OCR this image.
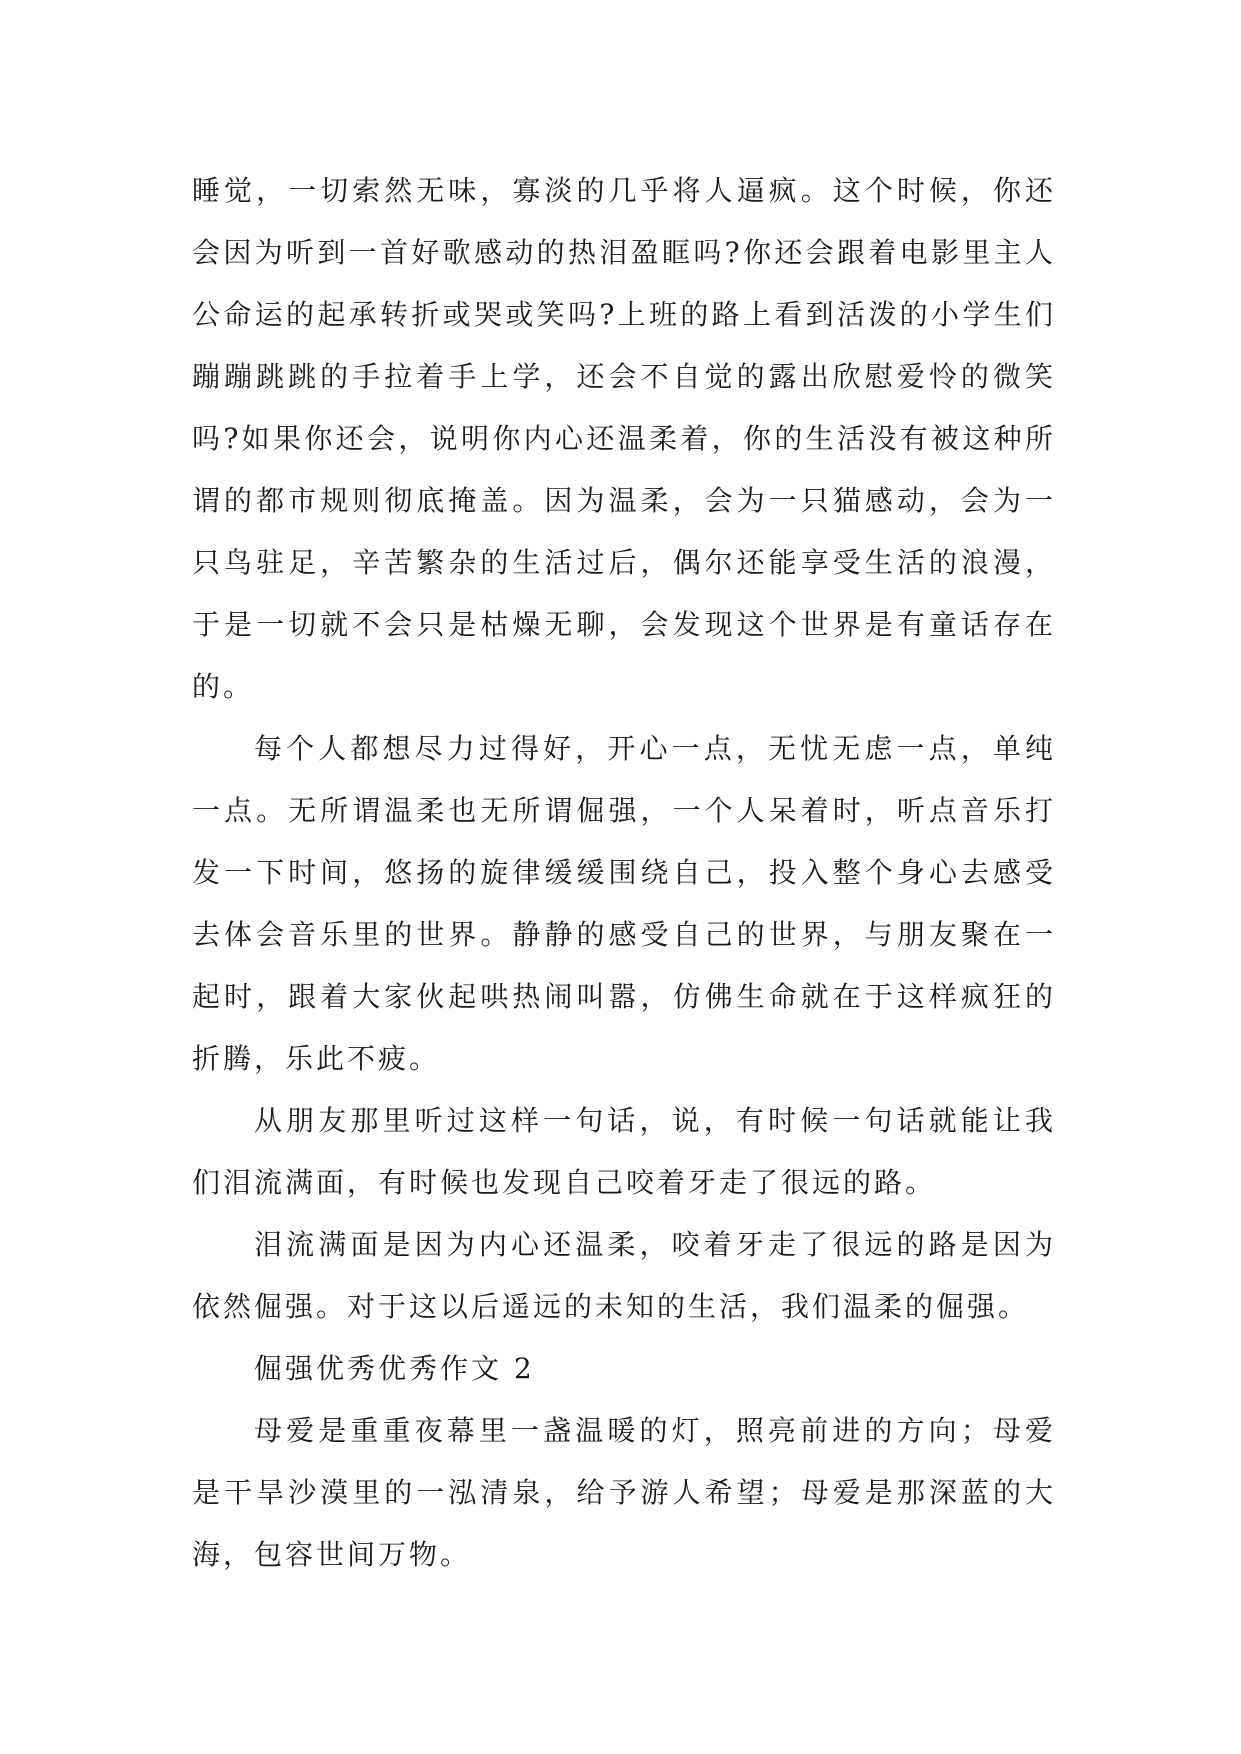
睡觉，一切索然无味，寡淡的几乎将人逼疯。这个时候，你还会因为听到一首好歌感动的热泪盈眶吗?你还会跟着电影里主人公命运的起承转折或哭或笑吗?上班的路上看到活泼的小学生们蹦蹦跳跳的手拉着手上学，还会不自觉的露出欣慰爱怜的微笑吗?如果你还会，说明你内心还温柔着，你的生活没有被这种所谓的都市规则彻底掩盖。因为温柔，会为一只猫感动，会为一只鸟驻足，辛苦繁杂的生活过后，偶尔还能享受生活的浪漫，于是一切就不会只是枯燥无聊，会发现这个世界是有童话存在的。

每个人都想尽力过得好，开心一点，无忧无虑一点，单纯一点。无所谓温柔也无所谓倔强，一个人呆着时，听点音乐打发一下时间，悠扬的旋律缓缓围绕自己，投入整个身心去感受去体会音乐里的世界。静静的感受自己的世界，与朋友聚在一起时，跟着大家伙起哄热闹叫嚣，仿佛生命就在于这样疯狂的折腾，乐此不疲。

从朋友那里听过这样一句话，说，有时候一句话就能让我们泪流满面，有时候也发现自己咬着牙走了很远的路。

泪流满面是因为内心还温柔，咬着牙走了很远的路是因为依然倔强。对于这以后遥远的未知的生活，我们温柔的倔强。

倔强优秀优秀作文 2

母爱是重重夜幕里一盏温暖的灯，照亮前进的方向；母爱是干旱沙漠里的一泓清泉，给予游人希望；母爱是那深蓝的大海，包容世间万物。
